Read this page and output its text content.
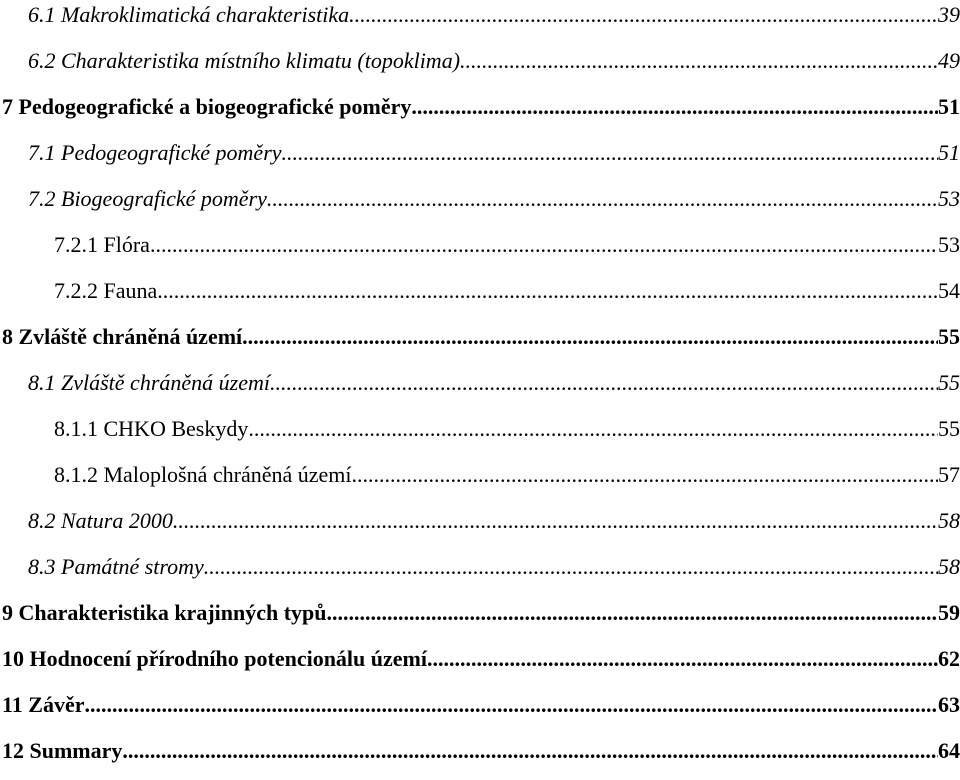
6.1 Makroklimatická charakteristika .....	39
6.2 Charakteristika místního klimatu (topoklima) .....	49
7 Pedogeografické a biogeografické poměry .....	51
7.1 Pedogeografické poměry .....	51
7.2 Biogeografické poměry .....	53
7.2.1 Flóra .....	53
7.2.2 Fauna .....	54
8 Zvláště chráněná území .....	55
8.1 Zvláště chráněná území .....	55
8.1.1 CHKO Beskydy .....	55
8.1.2 Maloplošná chráněná území .....	57
8.2 Natura 2000 .....	58
8.3 Památné stromy .....	58
9 Charakteristika krajinných typů .....	59
10 Hodnocení přírodního potencionálu území .....	62
11 Závěr .....	63
12 Summary .....	64
